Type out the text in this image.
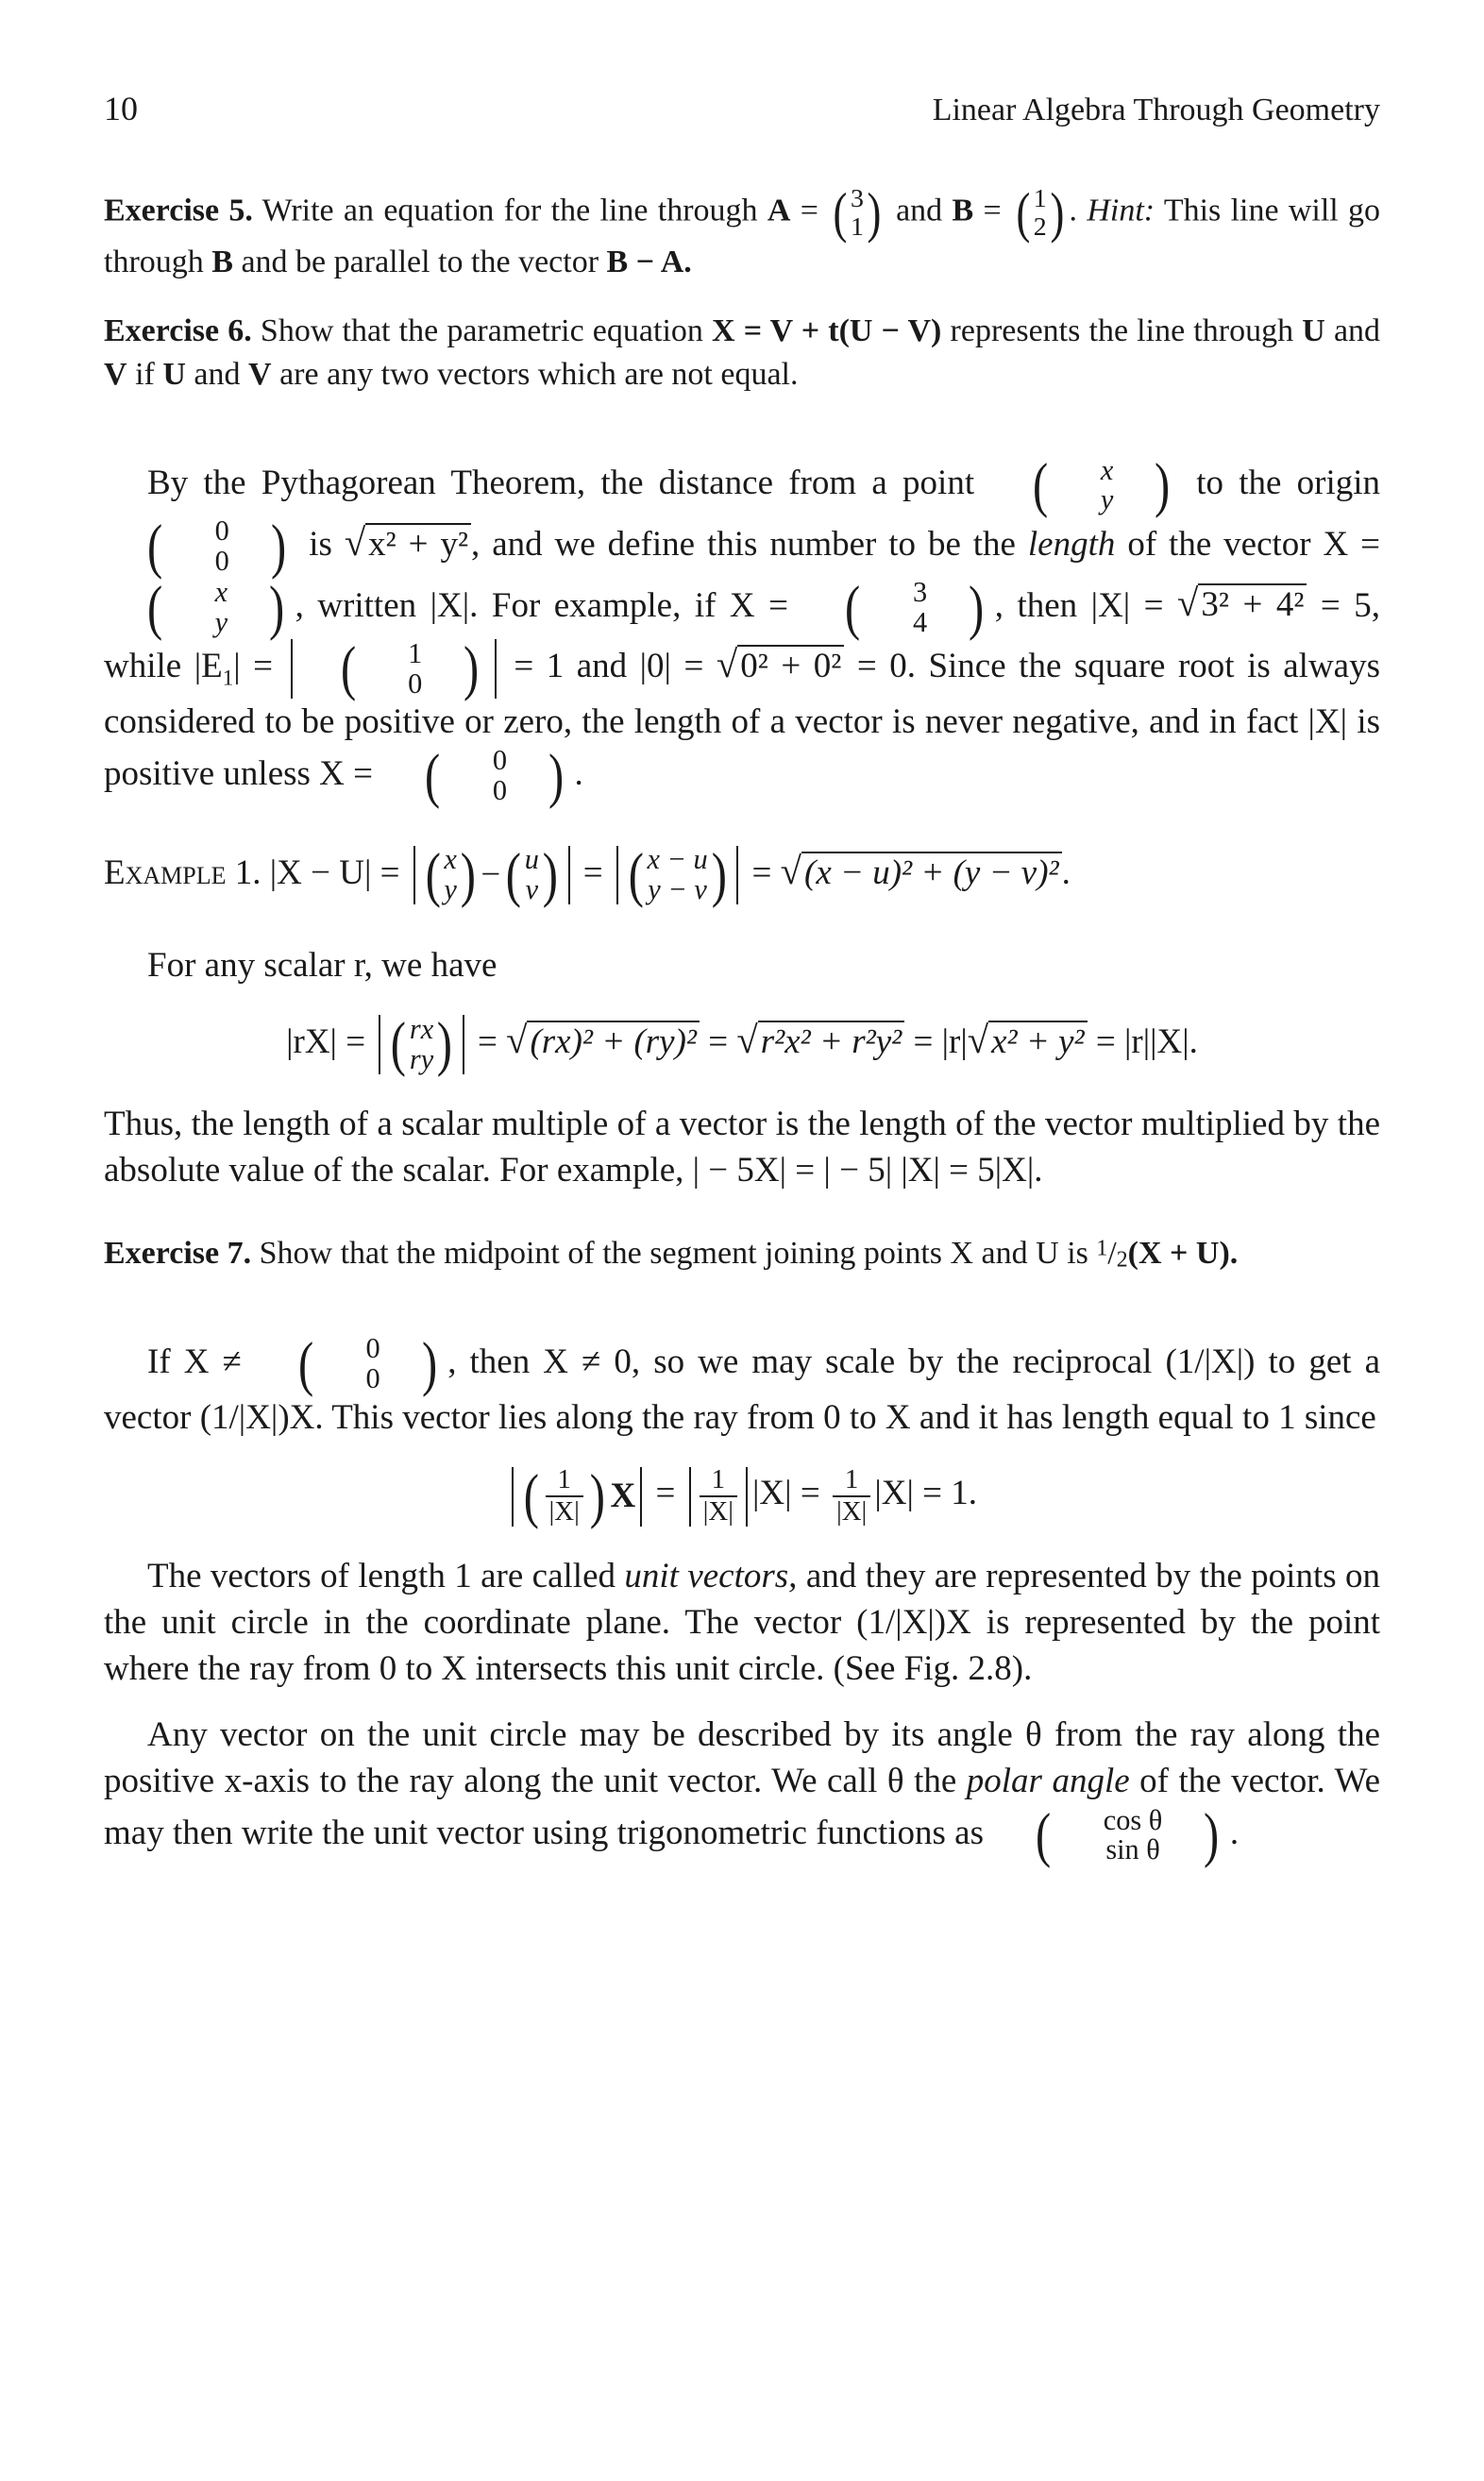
10	Linear Algebra Through Geometry

Exercise 5. Write an equation for the line through A = ( 3
1 ) and B = ( 1
2 ) . Hint: This line will go through B and be parallel to the vector B − A.

Exercise 6. Show that the parametric equation X = V + t(U − V) represents the line through U and V if U and V are any two vectors which are not equal.

By the Pythagorean Theorem, the distance from a point (	x
y ) to the origin
(	0
0 ) is √x² + y², and we define this number to be the length of the vector X =
(	x
y ) , written |X|. For example, if X = (	3
4 ) , then |X| = √3² + 4² = 5, while $|E_1|$ =	(	1
0 ) = 1 and |0| = √0² + 0² = 0. Since the square root is always considered to be positive or zero, the length of a vector is never negative, and in fact |X| is positive unless X = (	0
0 ) .

Example 1. |X − U| = ( x
y ) − ( u
v ) = ( x − u
y − v ) = √(x − u)² + (y − v)².

For any scalar r, we have

|rX| = ( rx
ry ) = √(rx)² + (ry)² = √r²x² + r²y² = |r|√x² + y² = |r||X|.

Thus, the length of a scalar multiple of a vector is the length of the vector multiplied by the absolute value of the scalar. For example, | − 5X| = | − 5| |X| = 5|X|.

Exercise 7. Show that the midpoint of the segment joining points X and U is $^1$/2(X + U).

If X ≠ (	0
0 ) , then X ≠ 0, so we may scale by the reciprocal (1/|X|) to get a vector (1/|X|)X. This vector lies along the ray from 0 to X and it has length equal to 1 since

( $\frac{1}{|X|}$ ) $X = \frac{1}{|X|} |X| = \frac{1}{|X|} |X| = 1$.

The vectors of length 1 are called unit vectors, and they are represented by the points on the unit circle in the coordinate plane. The vector (1/|X|)X is represented by the point where the ray from 0 to X intersects this unit circle. (See Fig. 2.8).

Any vector on the unit circle may be described by its angle θ from the ray along the positive x-axis to the ray along the unit vector. We call θ the polar angle of the vector. We may then write the unit vector using trigonometric functions as (	cos θ
sin θ ) .
